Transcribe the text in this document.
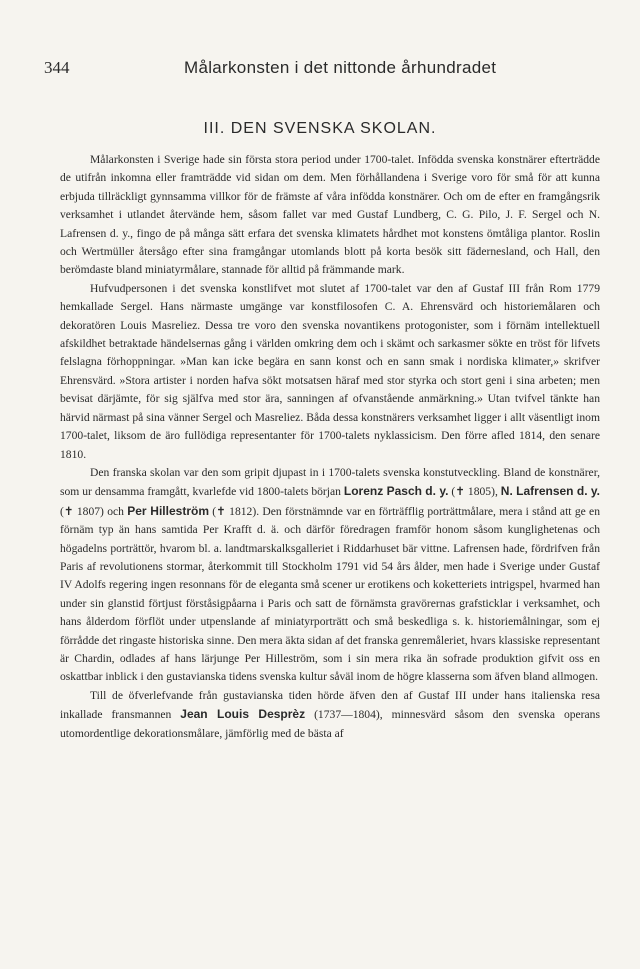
344	Målarkonsten i det nittonde århundradet
III. DEN SVENSKA SKOLAN.

Målarkonsten i Sverige hade sin första stora period under 1700-talet. Infödda svenska konstnärer efterträdde de utifrån inkomna eller framträdde vid sidan om dem. Men förhållandena i Sverige voro för små för att kunna erbjuda tillräckligt gynnsamma villkor för de främste af våra infödda konstnärer. Och om de efter en framgångsrik verksamhet i utlandet återvände hem, såsom fallet var med Gustaf Lundberg, C. G. Pilo, J. F. Sergel och N. Lafrensen d. y., fingo de på många sätt erfara det svenska klimatets hårdhet mot konstens ömtåliga plantor. Roslin och Wertmüller återsågo efter sina framgångar utomlands blott på korta besök sitt fädernesland, och Hall, den berömdaste bland miniatyrmålare, stannade för alltid på främmande mark.

Hufvudpersonen i det svenska konstlifvet mot slutet af 1700-talet var den af Gustaf III från Rom 1779 hemkallade Sergel. Hans närmaste umgänge var konstfilosofen C. A. Ehrensvärd och historiemålaren och dekoratören Louis Masreliez. Dessa tre voro den svenska novantikens protogonister, som i förnäm intellektuell afskildhet betraktade händelsernas gång i världen omkring dem och i skämt och sarkasmer sökte en tröst för lifvets felslagna förhoppningar. »Man kan icke begära en sann konst och en sann smak i nordiska klimater,» skrifver Ehrensvärd. »Stora artister i norden hafva sökt motsatsen häraf med stor styrka och stort geni i sina arbeten; men bevisat därjämte, för sig själfva med stor ära, sanningen af ofvanstående anmärkning.» Utan tvifvel tänkte han härvid närmast på sina vänner Sergel och Masreliez. Båda dessa konstnärers verksamhet ligger i allt väsentligt inom 1700-talet, liksom de äro fullödiga representanter för 1700-talets nyklassicism. Den förre afled 1814, den senare 1810.

Den franska skolan var den som gripit djupast in i 1700-talets svenska konstutveckling. Bland de konstnärer, som ur densamma framgått, kvarlefde vid 1800-talets början Lorenz Pasch d. y. (✝ 1805), N. Lafrensen d. y. (✝ 1807) och Per Hilleström (✝ 1812). Den förstnämnde var en förträfflig porträttmålare, mera i stånd att ge en förnäm typ än hans samtida Per Krafft d. ä. och därför föredragen framför honom såsom kunglighetenas och högadelns porträttör, hvarom bl. a. landtmarskalksgalleriet i Riddarhuset bär vittne. Lafrensen hade, fördrifven från Paris af revolutionens stormar, återkommit till Stockholm 1791 vid 54 års ålder, men hade i Sverige under Gustaf IV Adolfs regering ingen resonnans för de eleganta små scener ur erotikens och koketteriets intrigspel, hvarmed han under sin glanstid förtjust förståsigpåarna i Paris och satt de förnämsta gravörernas grafsticklar i verksamhet, och hans ålderdom förflöt under utpenslande af miniatyrporträtt och små beskedliga s. k. historiemålningar, som ej förrådde det ringaste historiska sinne. Den mera äkta sidan af det franska genremåleriet, hvars klassiske representant är Chardin, odlades af hans lärjunge Per Hilleström, som i sin mera rika än sofrade produktion gifvit oss en oskattbar inblick i den gustavianska tidens svenska kultur såväl inom de högre klasserna som äfven bland allmogen.

Till de öfverlefvande från gustavianska tiden hörde äfven den af Gustaf III under hans italienska resa inkallade fransmannen Jean Louis Desprèz (1737—1804), minnesvärd såsom den svenska operans utomordentlige dekorationsmålare, jämförlig med de bästa af
